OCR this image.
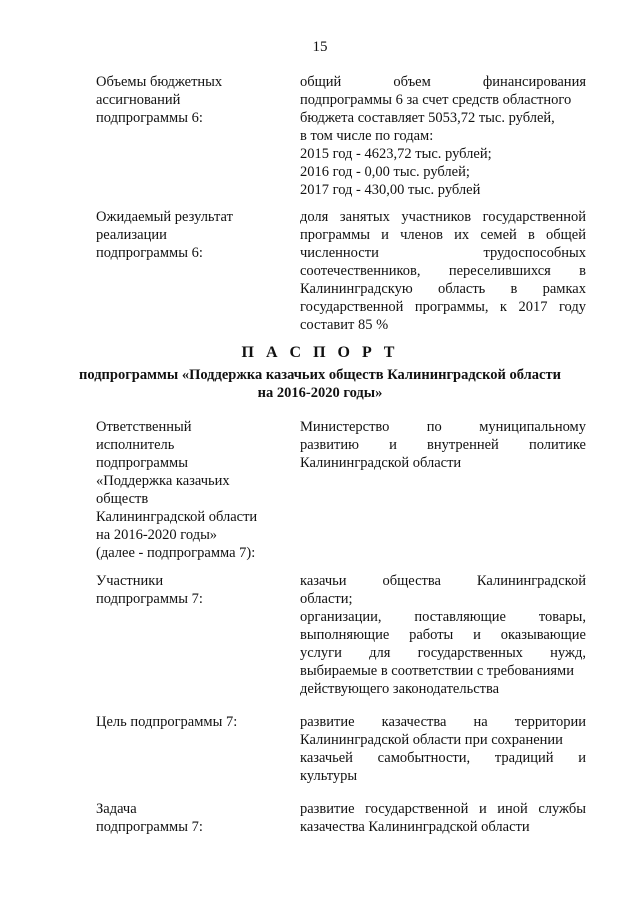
15
Объемы бюджетных
ассигнований
подпрограммы 6:
общий объем финансирования
подпрограммы 6 за счет средств областного
бюджета составляет 5053,72 тыс. рублей,
в том числе по годам:
2015 год - 4623,72 тыс. рублей;
2016 год - 0,00 тыс. рублей;
2017 год - 430,00 тыс. рублей
Ожидаемый результат
реализации
подпрограммы 6:
доля занятых участников государственной
программы и членов их семей в общей
численности трудоспособных
соотечественников, переселившихся в
Калининградскую область в рамках
государственной программы, к 2017 году
составит 85 %
П А С П О Р Т
подпрограммы «Поддержка казачьих обществ Калининградской области
на 2016-2020 годы»
Ответственный
исполнитель
подпрограммы
«Поддержка казачьих
обществ
Калининградской области
на 2016-2020 годы»
(далее - подпрограмма 7):
Министерство по муниципальному
развитию и внутренней политике
Калининградской области
Участники
подпрограммы 7:
казачьи общества Калининградской
области;
организации, поставляющие товары,
выполняющие работы и оказывающие
услуги для государственных нужд,
выбираемые в соответствии с требованиями
действующего законодательства
Цель подпрограммы 7:	развитие казачества на территории
Калининградской области при сохранении
казачьей самобытности, традиций и
культуры
Задача
подпрограммы 7:
развитие государственной и иной службы
казачества Калининградской области
